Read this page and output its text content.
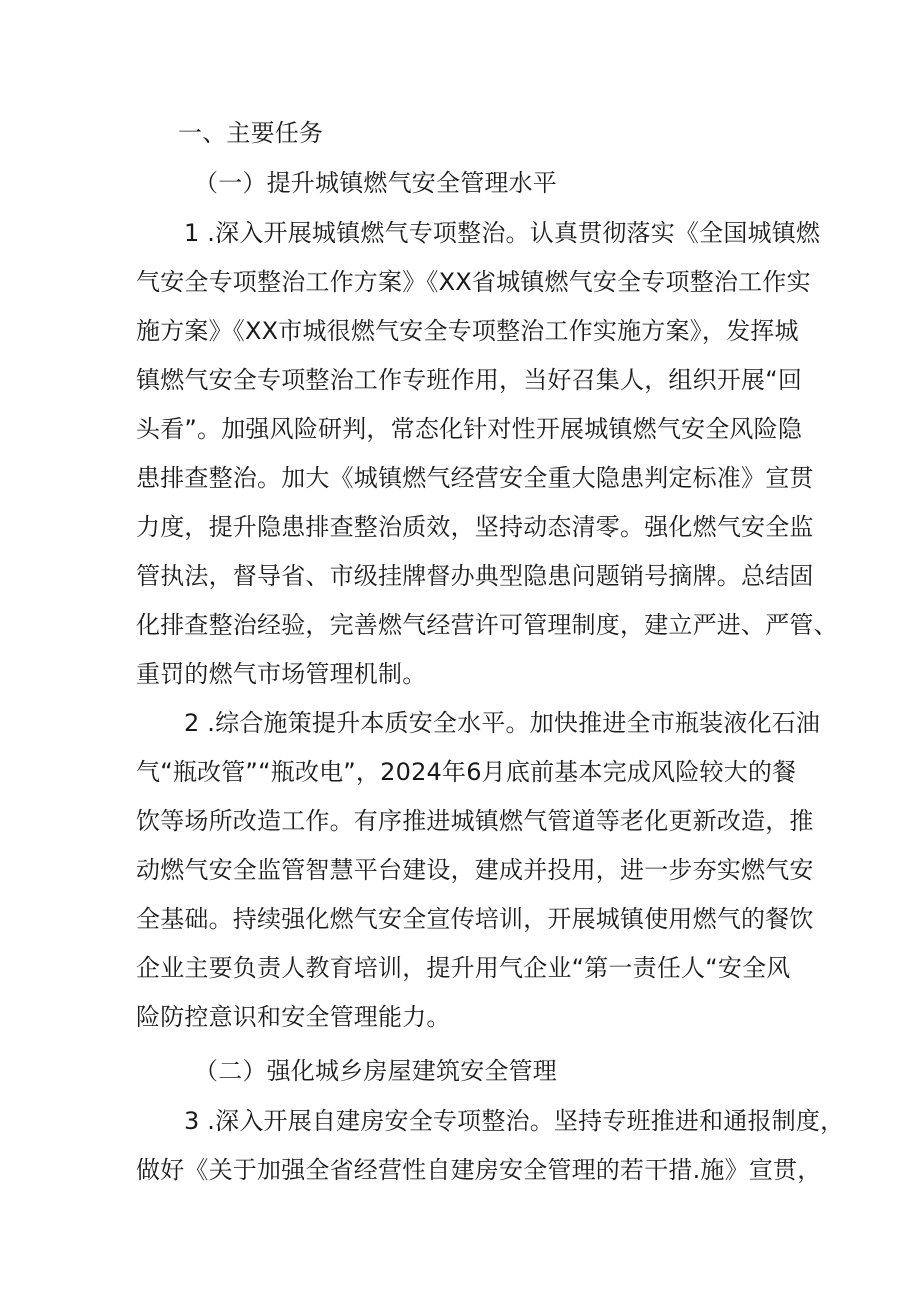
一、主要任务
（一）提升城镇燃气安全管理水平
1 .深入开展城镇燃气专项整治。认真贯彻落实《全国城镇燃
气安全专项整治工作方案》《XX省城镇燃气安全专项整治工作实
施方案》《XX市城很燃气安全专项整治工作实施方案》，发挥城
镇燃气安全专项整治工作专班作用，当好召集人，组织开展“回
头看”。加强风险研判，常态化针对性开展城镇燃气安全风险隐
患排查整治。加大《城镇燃气经营安全重大隐患判定标准》宣贯
力度，提升隐患排查整治质效，坚持动态清零。强化燃气安全监
管执法，督导省、市级挂牌督办典型隐患问题销号摘牌。总结固
化排查整治经验，完善燃气经营许可管理制度，建立严进、严管、
重罚的燃气市场管理机制。
2 .综合施策提升本质安全水平。加快推进全市瓶装液化石油
气“瓶改管”“瓶改电”，2024年6月底前基本完成风险较大的餐
饮等场所改造工作。有序推进城镇燃气管道等老化更新改造，推
动燃气安全监管智慧平台建设，建成并投用，进一步夯实燃气安
全基础。持续强化燃气安全宣传培训，开展城镇使用燃气的餐饮
企业主要负责人教育培训，提升用气企业“第一责任人“安全风
险防控意识和安全管理能力。
（二）强化城乡房屋建筑安全管理
3 .深入开展自建房安全专项整治。坚持专班推进和通报制度，
做好《关于加强全省经营性自建房安全管理的若干措.施》宣贯，
